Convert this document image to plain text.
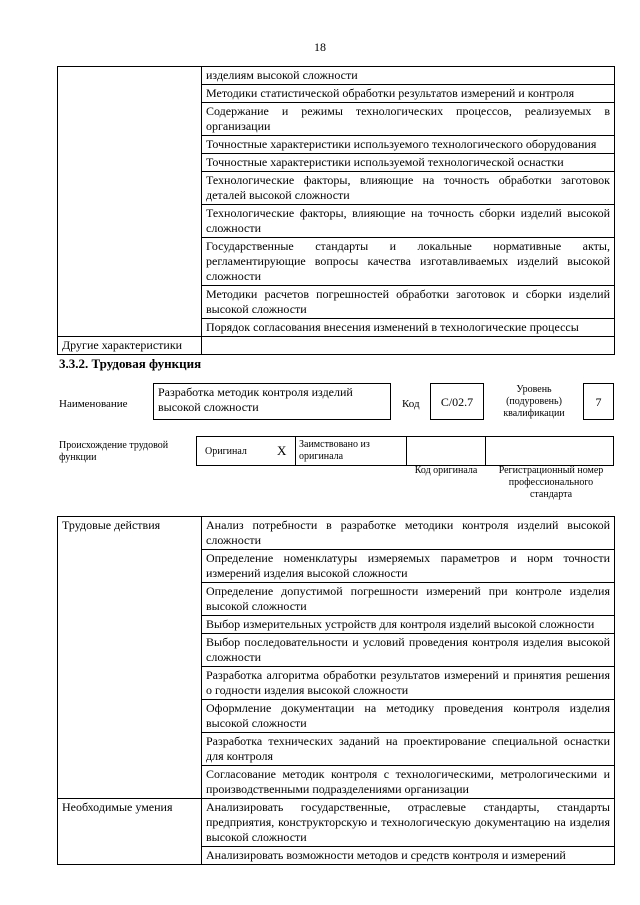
18
	изделиям высокой сложности
	Методики статистической обработки результатов измерений и контроля
	Содержание и режимы технологических процессов, реализуемых в организации
	Точностные характеристики используемого технологического оборудования
	Точностные характеристики используемой технологической оснастки
	Технологические факторы, влияющие на точность обработки заготовок деталей высокой сложности
	Технологические факторы, влияющие на точность сборки изделий высокой сложности
	Государственные стандарты и локальные нормативные акты, регламентирующие вопросы качества изготавливаемых изделий высокой сложности
	Методики расчетов погрешностей обработки заготовок и сборки изделий высокой сложности
	Порядок согласования внесения изменений в технологические процессы
Другие характеристики	
3.3.2. Трудовая функция
Наименование
Разработка методик контроля изделий высокой сложности	Код	C/02.7
Уровень (подуровень) квалификации
7
Происхождение трудовой функции
Оригинал X Заимствовано из оригинала
Код оригинала	Регистрационный номер профессионального стандарта
Трудовые действия	Анализ потребности в разработке методики контроля изделий высокой сложности
	Определение номенклатуры измеряемых параметров и норм точности измерений изделия высокой сложности
	Определение допустимой погрешности измерений при контроле изделия высокой сложности
	Выбор измерительных устройств для контроля изделий высокой сложности
	Выбор последовательности и условий проведения контроля изделия высокой сложности
	Разработка алгоритма обработки результатов измерений и принятия решения о годности изделия высокой сложности
	Оформление документации на методику проведения контроля изделия высокой сложности
	Разработка технических заданий на проектирование специальной оснастки для контроля
	Согласование методик контроля с технологическими, метрологическими и производственными подразделениями организации
Необходимые умения	Анализировать государственные, отраслевые стандарты, стандарты предприятия, конструкторскую и технологическую документацию на изделия высокой сложности
	Анализировать возможности методов и средств контроля и измерений
